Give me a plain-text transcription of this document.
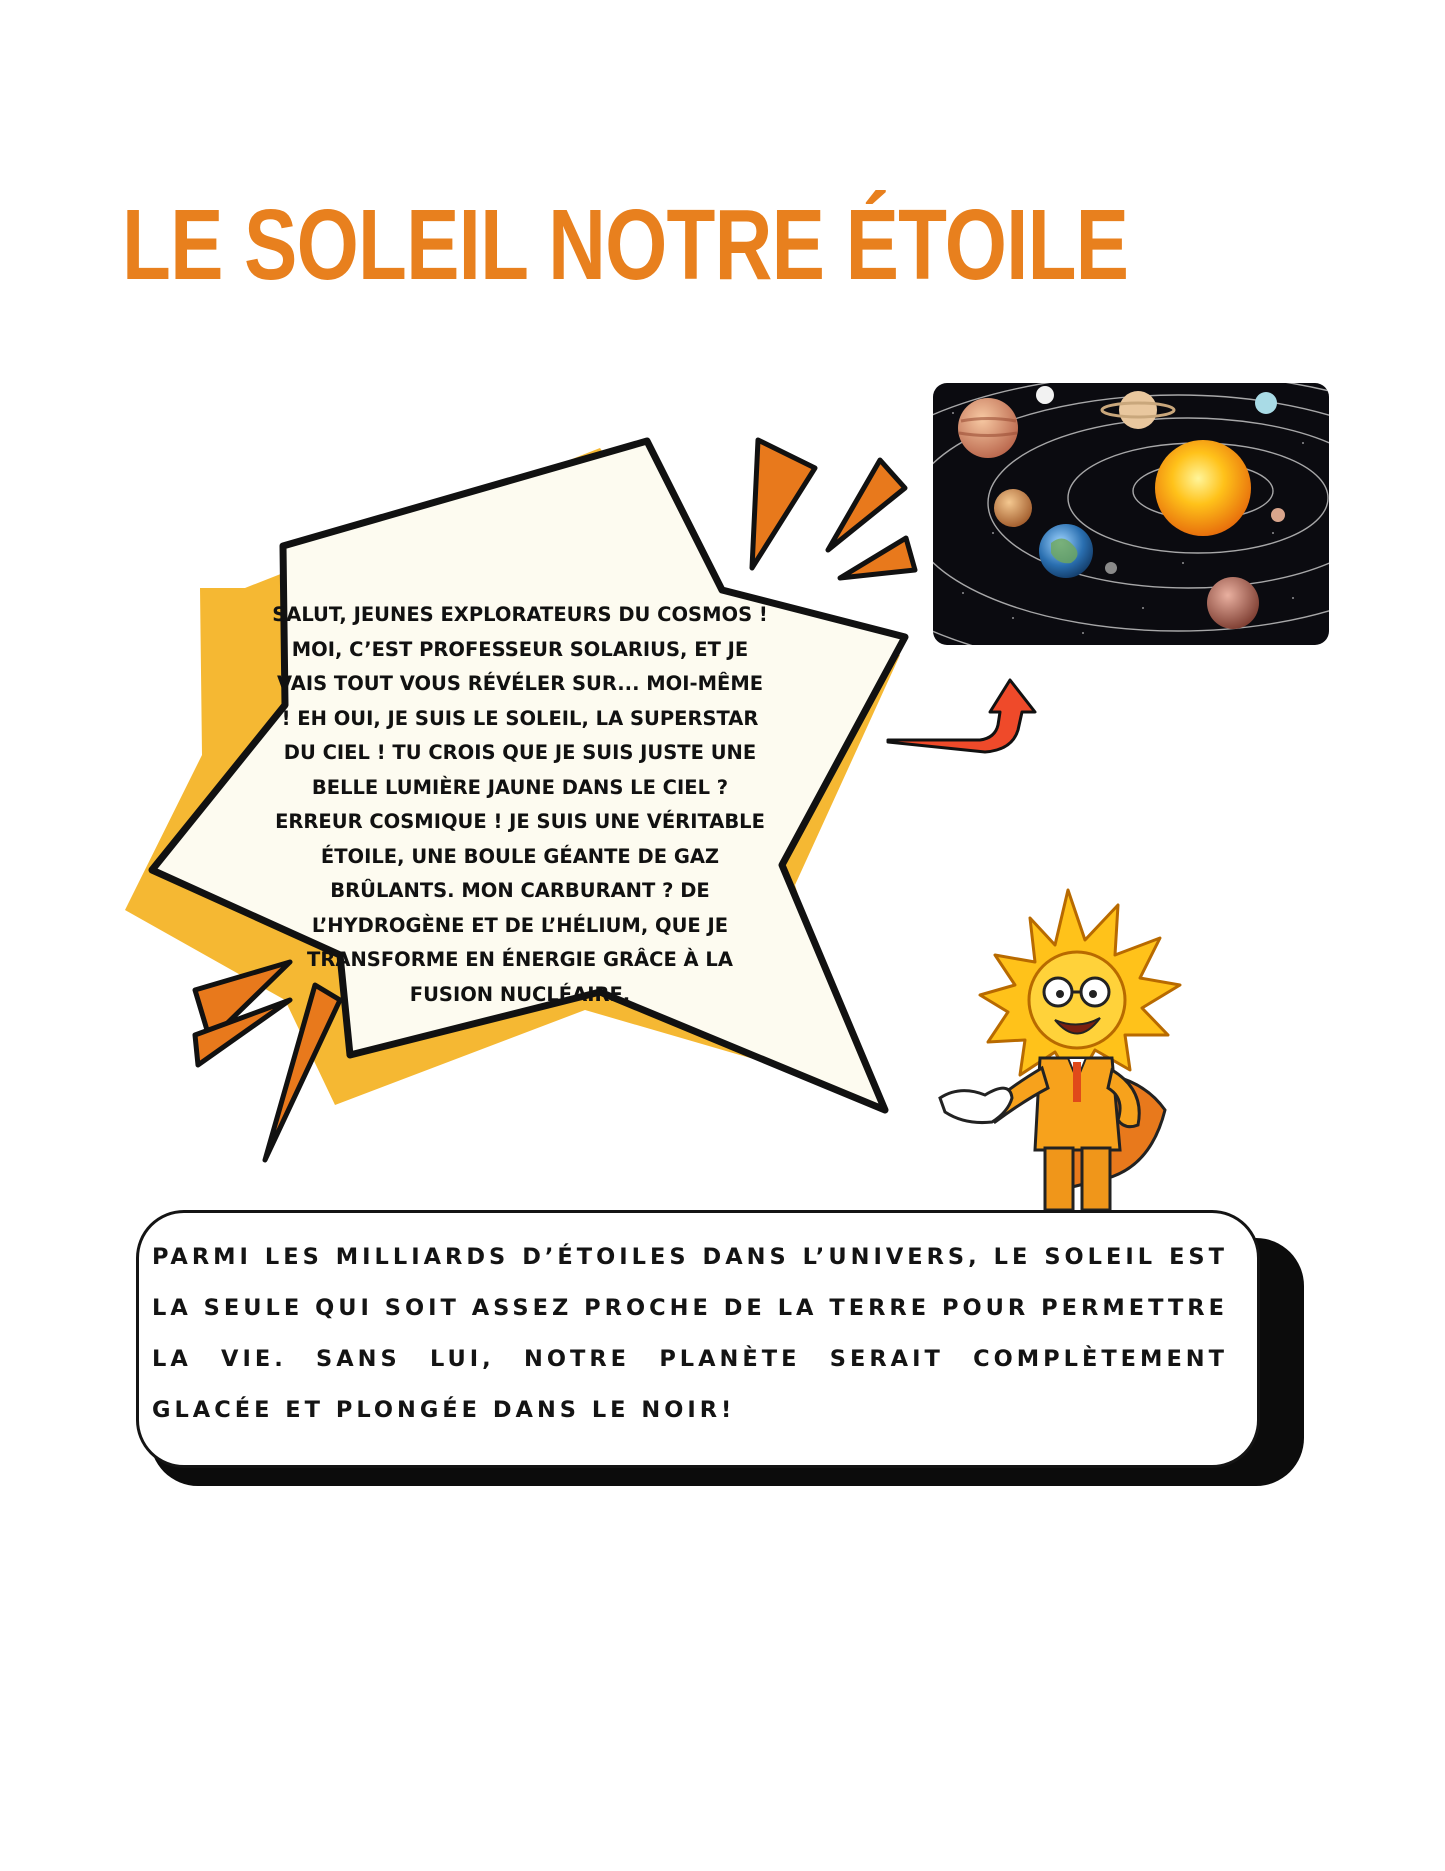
LE SOLEIL NOTRE ÉTOILE
SALUT, JEUNES EXPLORATEURS DU COSMOS ! MOI, C’EST PROFESSEUR SOLARIUS, ET JE VAIS TOUT VOUS RÉVÉLER SUR... MOI-MÊME ! EH OUI, JE SUIS LE SOLEIL, LA SUPERSTAR DU CIEL ! TU CROIS QUE JE SUIS JUSTE UNE BELLE LUMIÈRE JAUNE DANS LE CIEL ? ERREUR COSMIQUE ! JE SUIS UNE VÉRITABLE ÉTOILE, UNE BOULE GÉANTE DE GAZ BRÛLANTS. MON CARBURANT ? DE L’HYDROGÈNE ET DE L’HÉLIUM, QUE JE TRANSFORME EN ÉNERGIE GRÂCE À LA FUSION NUCLÉAIRE.
PARMI LES MILLIARDS D’ÉTOILES DANS L’UNIVERS, LE SOLEIL EST LA SEULE QUI SOIT ASSEZ PROCHE DE LA TERRE POUR PERMETTRE LA VIE. SANS LUI, NOTRE PLANÈTE SERAIT COMPLÈTEMENT GLACÉE ET PLONGÉE DANS LE NOIR!
